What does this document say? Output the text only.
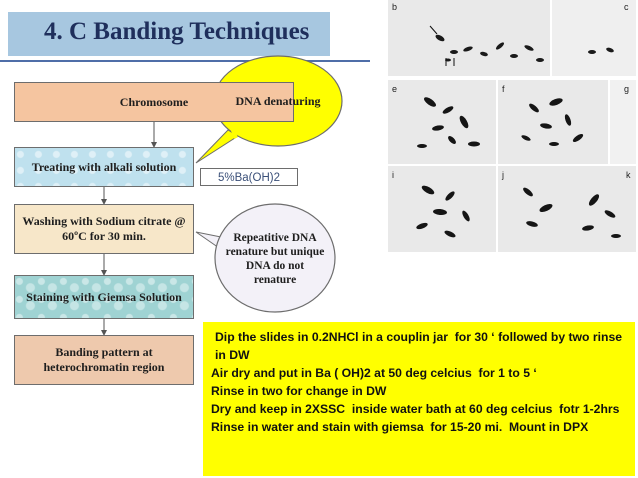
4. C Banding Techniques
Chromosome
Treating with alkali solution
Washing with Sodium citrate @ 60ºC for 30 min.
Staining with Giemsa Solution
Banding pattern at heterochromatin region
DNA denaturing
Repeatitive DNA renature but unique DNA do not renature
5%Ba(OH)2
b	c
e	f	g
i	j	k
Dip the slides in 0.2NHCl in a couplin jar  for 30 ‘ followed by two rinse in DW
Air dry and put in Ba ( OH)2 at 50 deg celcius  for 1 to 5 ‘
Rinse in two for change in DW
Dry and keep in 2XSSC  inside water bath at 60 deg celcius  fotr 1-2hrs
Rinse in water and stain with giemsa  for 15-20 mi.  Mount in DPX
